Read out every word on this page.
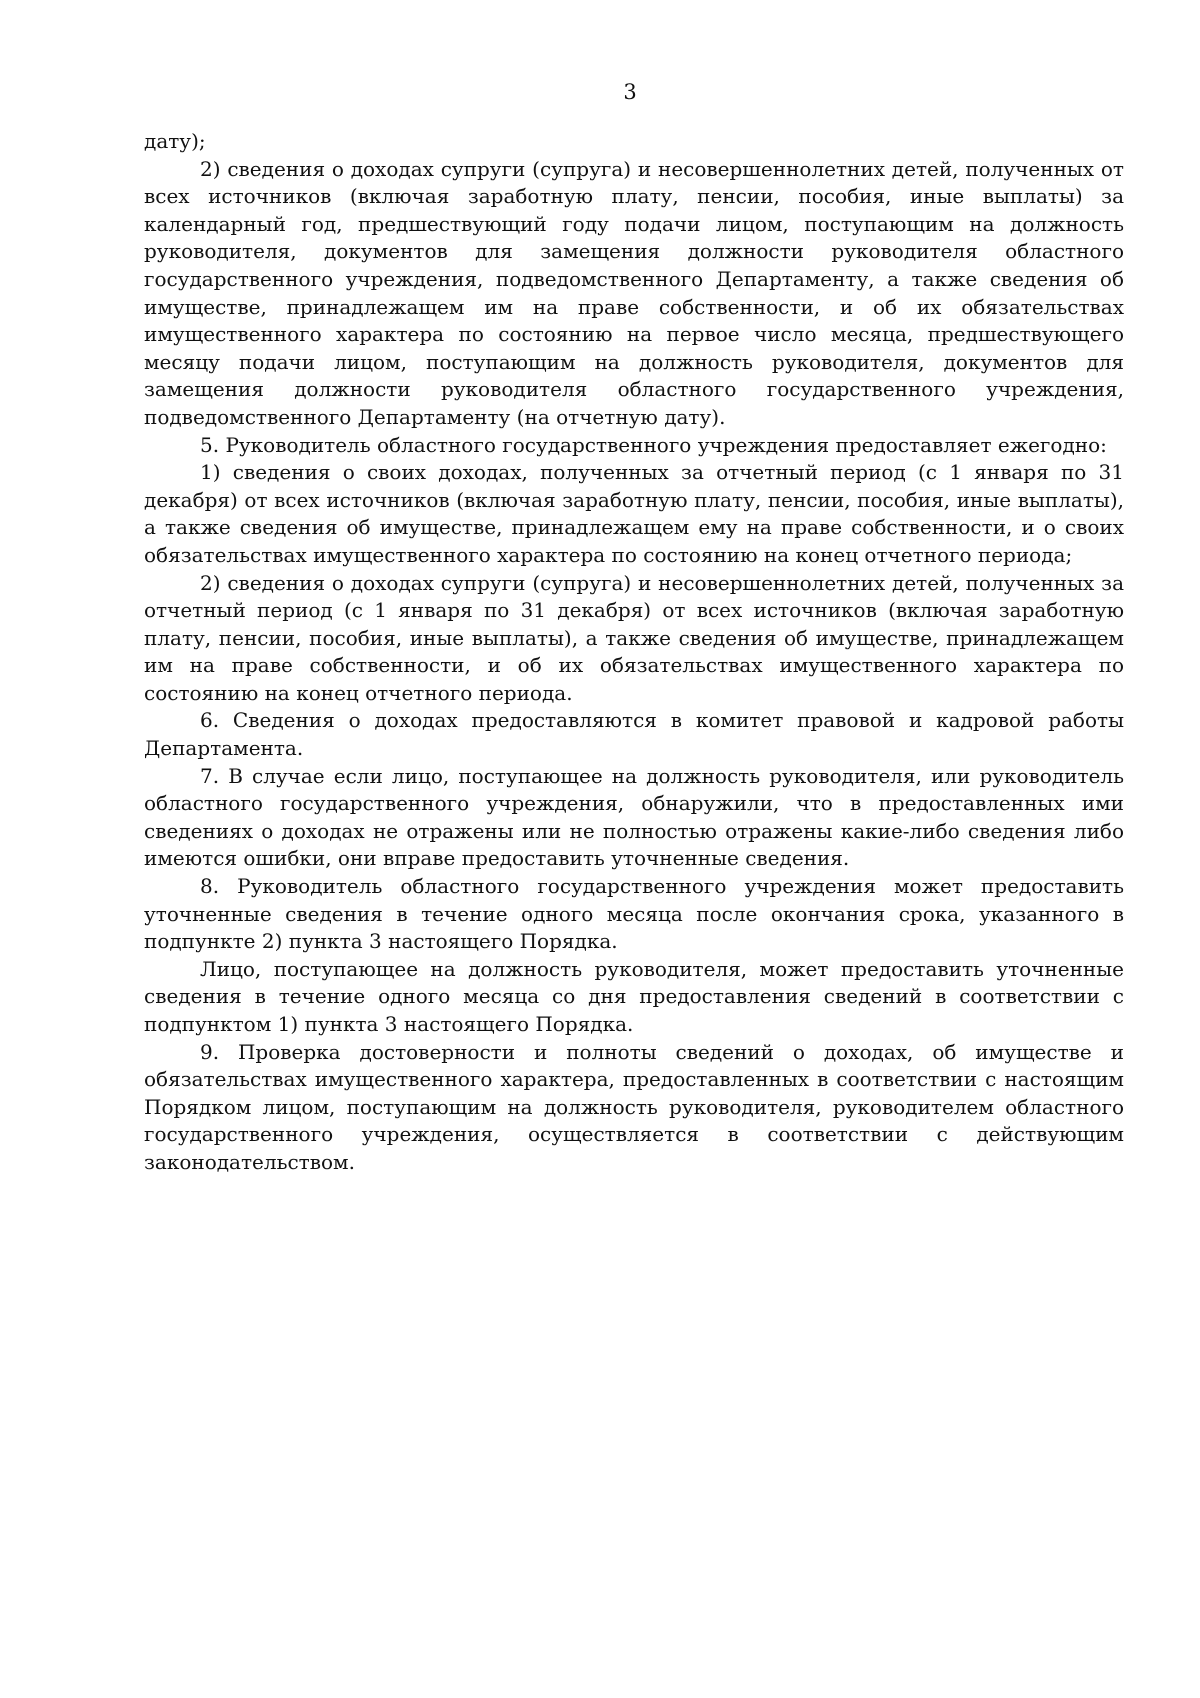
3

дату);

2) сведения о доходах супруги (супруга) и несовершеннолетних детей, полученных от всех источников (включая заработную плату, пенсии, пособия, иные выплаты) за календарный год, предшествующий году подачи лицом, поступающим на должность руководителя, документов для замещения должности руководителя областного государственного учреждения, подведомственного Департаменту, а также сведения об имуществе, принадлежащем им на праве собственности, и об их обязательствах имущественного характера по состоянию на первое число месяца, предшествующего месяцу подачи лицом, поступающим на должность руководителя, документов для замещения должности руководителя областного государственного учреждения, подведомственного Департаменту (на отчетную дату).

5. Руководитель областного государственного учреждения предоставляет ежегодно:

1) сведения о своих доходах, полученных за отчетный период (с 1 января по 31 декабря) от всех источников (включая заработную плату, пенсии, пособия, иные выплаты), а также сведения об имуществе, принадлежащем ему на праве собственности, и о своих обязательствах имущественного характера по состоянию на конец отчетного периода;

2) сведения о доходах супруги (супруга) и несовершеннолетних детей, полученных за отчетный период (с 1 января по 31 декабря) от всех источников (включая заработную плату, пенсии, пособия, иные выплаты), а также сведения об имуществе, принадлежащем им на праве собственности, и об их обязательствах имущественного характера по состоянию на конец отчетного периода.

6. Сведения о доходах предоставляются в комитет правовой и кадровой работы Департамента.

7. В случае если лицо, поступающее на должность руководителя, или руководитель областного государственного учреждения, обнаружили, что в предоставленных ими сведениях о доходах не отражены или не полностью отражены какие-либо сведения либо имеются ошибки, они вправе предоставить уточненные сведения.

8. Руководитель областного государственного учреждения может предоставить уточненные сведения в течение одного месяца после окончания срока, указанного в подпункте 2) пункта 3 настоящего Порядка.

Лицо, поступающее на должность руководителя, может предоставить уточненные сведения в течение одного месяца со дня предоставления сведений в соответствии с подпунктом 1) пункта 3 настоящего Порядка.

9. Проверка достоверности и полноты сведений о доходах, об имуществе и обязательствах имущественного характера, предоставленных в соответствии с настоящим Порядком лицом, поступающим на должность руководителя, руководителем областного государственного учреждения, осуществляется в соответствии с действующим законодательством.
